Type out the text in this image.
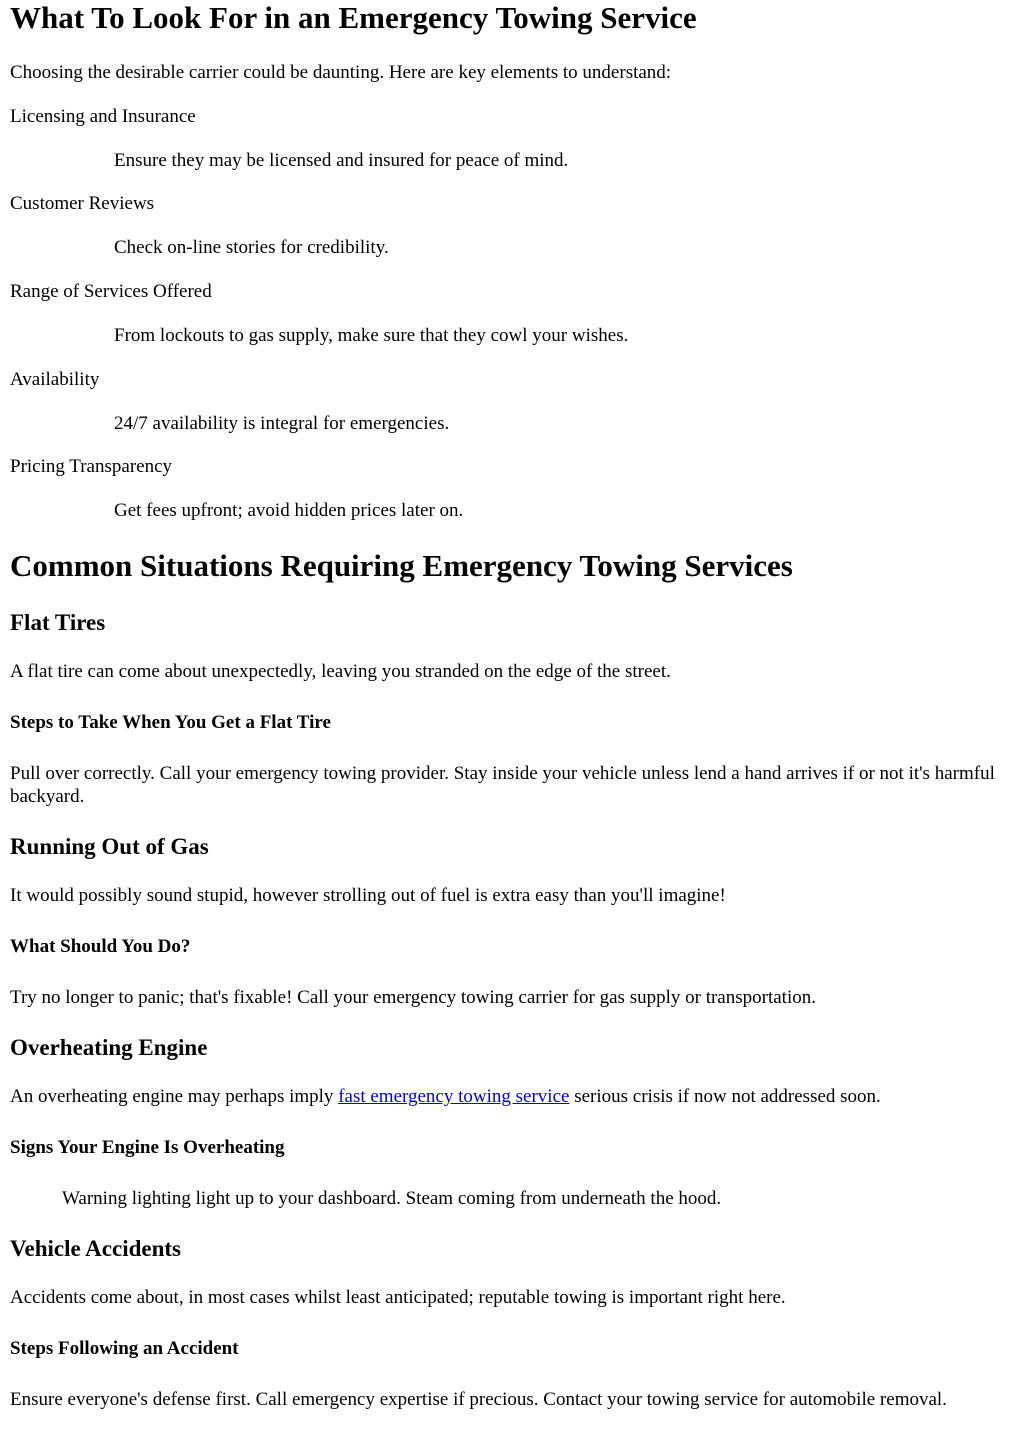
What To Look For in an Emergency Towing Service

Choosing the desirable carrier could be daunting. Here are key elements to understand:

Licensing and Insurance
Ensure they may be licensed and insured for peace of mind.
Customer Reviews
Check on-line stories for credibility.
Range of Services Offered
From lockouts to gas supply, make sure that they cowl your wishes.
Availability
24/7 availability is integral for emergencies.
Pricing Transparency
Get fees upfront; avoid hidden prices later on.
Common Situations Requiring Emergency Towing Services
Flat Tires

A flat tire can come about unexpectedly, leaving you stranded on the edge of the street.

Steps to Take When You Get a Flat Tire

Pull over correctly. Call your emergency towing provider. Stay inside your vehicle unless lend a hand arrives if or not it's harmful backyard.

Running Out of Gas

It would possibly sound stupid, however strolling out of fuel is extra easy than you'll imagine!

What Should You Do?

Try no longer to panic; that's fixable! Call your emergency towing carrier for gas supply or transportation.

Overheating Engine

An overheating engine may perhaps imply fast emergency towing service serious crisis if now not addressed soon.

Signs Your Engine Is Overheating

Warning lighting light up to your dashboard. Steam coming from underneath the hood.

Vehicle Accidents

Accidents come about, in most cases whilst least anticipated; reputable towing is important right here.

Steps Following an Accident

Ensure everyone's defense first. Call emergency expertise if precious. Contact your towing service for automobile removal.
